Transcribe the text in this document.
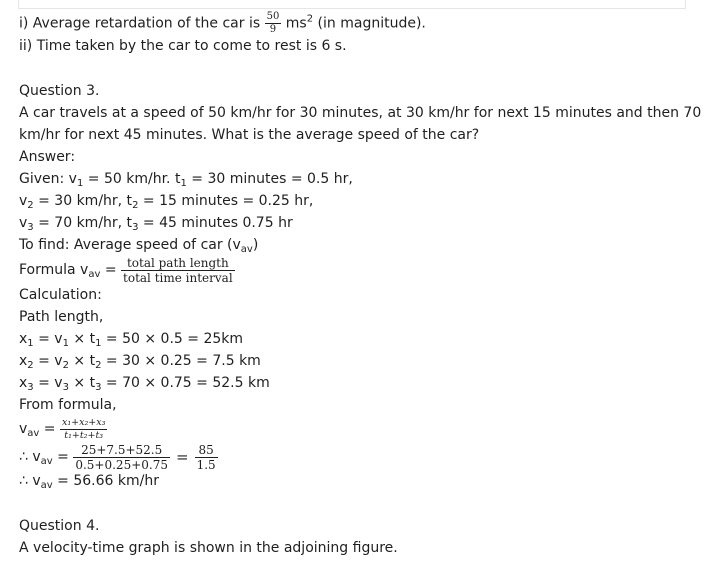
i) Average retardation of the car is $\frac{50}{9} ms^2$ (in magnitude).
ii) Time taken by the car to come to rest is 6 s.
Question 3.
A car travels at a speed of 50 km/hr for 30 minutes, at 30 km/hr for next 15 minutes and then 70
km/hr for next 45 minutes. What is the average speed of the car?
Answer:
Given: $v_1 = 50$ km/hr. $t_1 = 30$ minutes = 0.5 hr,
$v_2 = 30$ km/hr, $t_2 = 15$ minutes = 0.25 hr,
$v_3 = 70$ km/hr, $t_3 = 45$ minutes 0.75 hr
To find: Average speed of car $(v_{av})$
Formula $v_{av} = \frac{\text{total path length}}{\text{total time interval}}$
Calculation:
Path length,
$x_1 = v_1 \times t_1 = 50 \times 0.5 = 25km$
$x_2 = v_2 \times t_2 = 30 \times 0.25 = 7.5$ km
$x_3 = v_3 \times t_3 = 70 \times 0.75 = 52.5$ km
From formula,
$v_{av} = \frac{\text{x₁+x₂+x₃}}{\text{t₁+t₂+t₃}}$
∴ $v_{av} = \frac{25+7.5+52.5}{0.5+0.25+0.75} = \frac{85}{1.5}$
∴ $v_{av} = 56.66$ km/hr
Question 4.
A velocity-time graph is shown in the adjoining figure.
